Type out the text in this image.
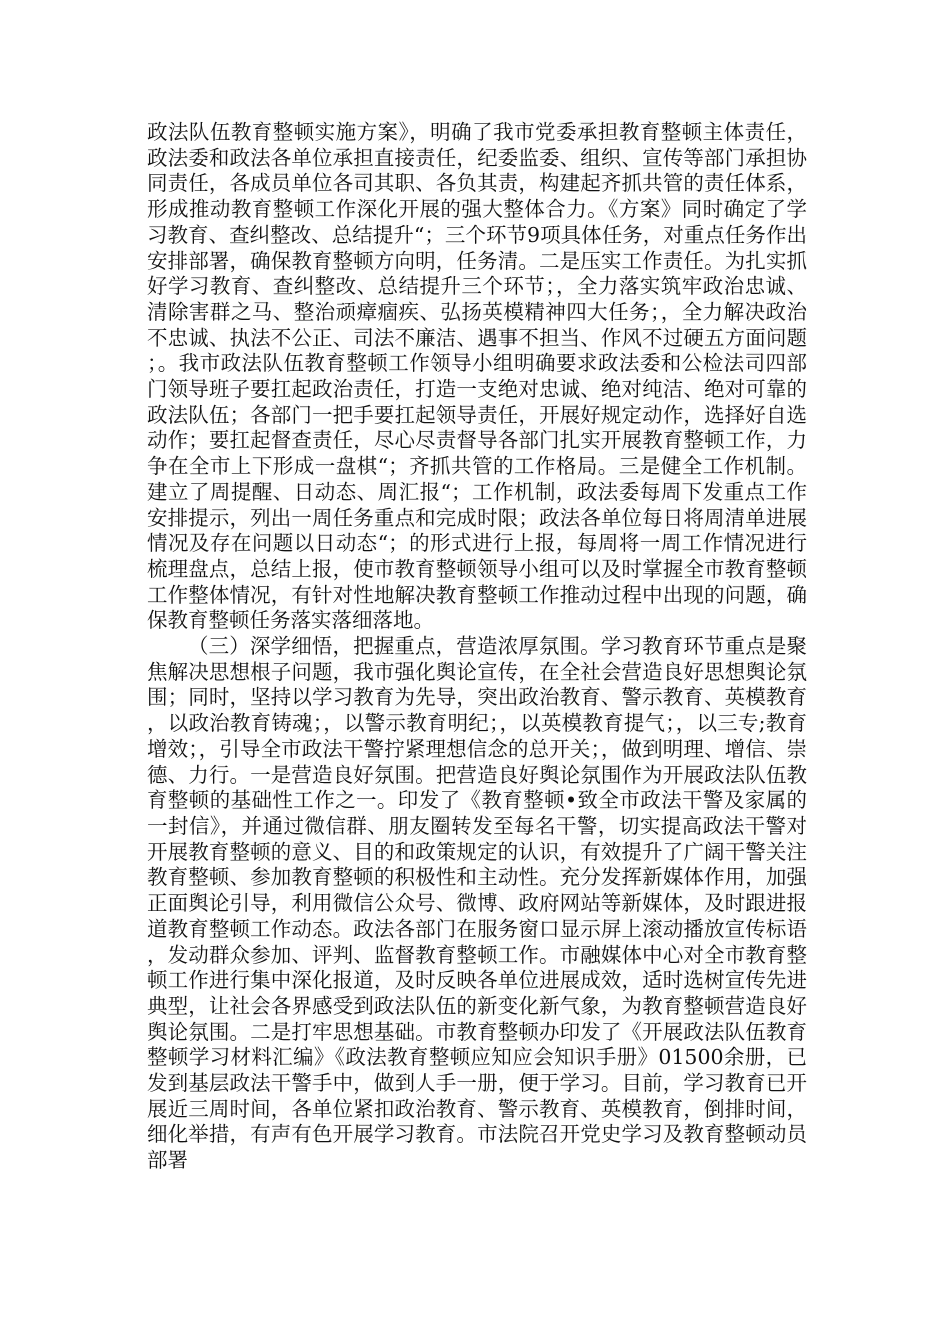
政法队伍教育整顿实施方案》，明确了我市党委承担教育整顿主体责任，政法委和政法各单位承担直接责任，纪委监委、组织、宣传等部门承担协同责任，各成员单位各司其职、各负其责，构建起齐抓共管的责任体系，形成推动教育整顿工作深化开展的强大整体合力。《方案》同时确定了学习教育、查纠整改、总结提升“；三个环节9项具体任务，对重点任务作出安排部署，确保教育整顿方向明，任务清。二是压实工作责任。为扎实抓好学习教育、查纠整改、总结提升三个环节；，全力落实筑牢政治忠诚、清除害群之马、整治顽瘴痼疾、弘扬英模精神四大任务；，全力解决政治不忠诚、执法不公正、司法不廉洁、遇事不担当、作风不过硬五方面问题；。我市政法队伍教育整顿工作领导小组明确要求政法委和公检法司四部门领导班子要扛起政治责任，打造一支绝对忠诚、绝对纯洁、绝对可靠的政法队伍；各部门一把手要扛起领导责任，开展好规定动作，选择好自选动作；要扛起督查责任，尽心尽责督导各部门扎实开展教育整顿工作，力争在全市上下形成一盘棋“；齐抓共管的工作格局。三是健全工作机制。建立了周提醒、日动态、周汇报“；工作机制，政法委每周下发重点工作安排提示，列出一周任务重点和完成时限；政法各单位每日将周清单进展情况及存在问题以日动态“；的形式进行上报，每周将一周工作情况进行梳理盘点，总结上报，使市教育整顿领导小组可以及时掌握全市教育整顿工作整体情况，有针对性地解决教育整顿工作推动过程中出现的问题，确保教育整顿任务落实落细落地。

（三）深学细悟，把握重点，营造浓厚氛围。学习教育环节重点是聚焦解决思想根子问题，我市强化舆论宣传，在全社会营造良好思想舆论氛围；同时，坚持以学习教育为先导，突出政治教育、警示教育、英模教育，以政治教育铸魂；，以警示教育明纪；，以英模教育提气；，以三专;教育增效；，引导全市政法干警拧紧理想信念的总开关；，做到明理、增信、崇德、力行。一是营造良好氛围。把营造良好舆论氛围作为开展政法队伍教育整顿的基础性工作之一。印发了《教育整顿•致全市政法干警及家属的一封信》，并通过微信群、朋友圈转发至每名干警，切实提高政法干警对开展教育整顿的意义、目的和政策规定的认识，有效提升了广阔干警关注教育整顿、参加教育整顿的积极性和主动性。充分发挥新媒体作用，加强正面舆论引导，利用微信公众号、微博、政府网站等新媒体，及时跟进报道教育整顿工作动态。政法各部门在服务窗口显示屏上滚动播放宣传标语，发动群众参加、评判、监督教育整顿工作。市融媒体中心对全市教育整顿工作进行集中深化报道，及时反映各单位进展成效，适时选树宣传先进典型，让社会各界感受到政法队伍的新变化新气象，为教育整顿营造良好舆论氛围。二是打牢思想基础。市教育整顿办印发了《开展政法队伍教育整顿学习材料汇编》《政法教育整顿应知应会知识手册》01500余册，已发到基层政法干警手中，做到人手一册，便于学习。目前，学习教育已开展近三周时间，各单位紧扣政治教育、警示教育、英模教育，倒排时间，细化举措，有声有色开展学习教育。市法院召开党史学习及教育整顿动员部署
